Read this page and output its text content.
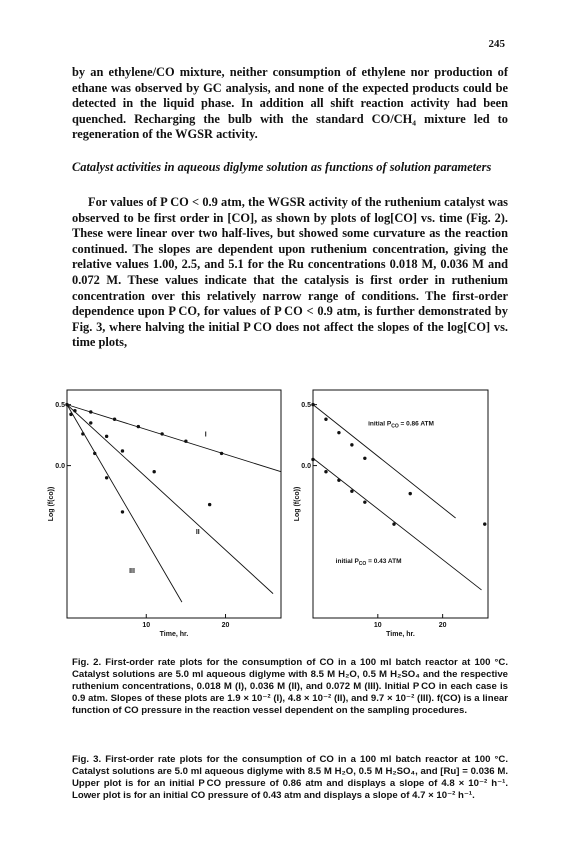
245
by an ethylene/CO mixture, neither consumption of ethylene nor production of ethane was observed by GC analysis, and none of the expected products could be detected in the liquid phase. In addition all shift reaction activity had been quenched. Recharging the bulb with the standard CO/CH₄ mixture led to regeneration of the WGSR activity.
Catalyst activities in aqueous diglyme solution as functions of solution parameters
For values of P CO < 0.9 atm, the WGSR activity of the ruthenium catalyst was observed to be first order in [CO], as shown by plots of log[CO] vs. time (Fig. 2). These were linear over two half-lives, but showed some curvature as the reaction continued. The slopes are dependent upon ruthenium concentration, giving the relative values 1.00, 2.5, and 5.1 for the Ru concentrations 0.018 M, 0.036 M and 0.072 M. These values indicate that the catalysis is first order in ruthenium concentration over this relatively narrow range of conditions. The first-order dependence upon P CO, for values of P CO < 0.9 atm, is further demonstrated by Fig. 3, where halving the initial P CO does not affect the slopes of the log[CO] vs. time plots,
10	20
0.5
0.0
Time, hr.
Log (f(co))
I
II
III
10	20
0.5
0.0
Time, hr.
Log (f(co))
initial $P_{CO} = 0.86$ ATM
initial $P_{CO} = 0.43$ ATM
Fig. 2. First-order rate plots for the consumption of CO in a 100 ml batch reactor at 100 °C. Catalyst solutions are 5.0 ml aqueous diglyme with 8.5 M H₂O, 0.5 M H₂SO₄ and the respective ruthenium concentrations, 0.018 M (I), 0.036 M (II), and 0.072 M (III). Initial P CO in each case is 0.9 atm. Slopes of these plots are 1.9 × 10⁻² (I), 4.8 × 10⁻² (II), and 9.7 × 10⁻² (III). f(CO) is a linear function of CO pressure in the reaction vessel dependent on the sampling procedures.
Fig. 3. First-order rate plots for the consumption of CO in a 100 ml batch reactor at 100 °C. Catalyst solutions are 5.0 ml aqueous diglyme with 8.5 M H₂O, 0.5 M H₂SO₄, and [Ru] = 0.036 M. Upper plot is for an initial P CO pressure of 0.86 atm and displays a slope of 4.8 × 10⁻² h⁻¹. Lower plot is for an initial CO pressure of 0.43 atm and displays a slope of 4.7 × 10⁻² h⁻¹.
